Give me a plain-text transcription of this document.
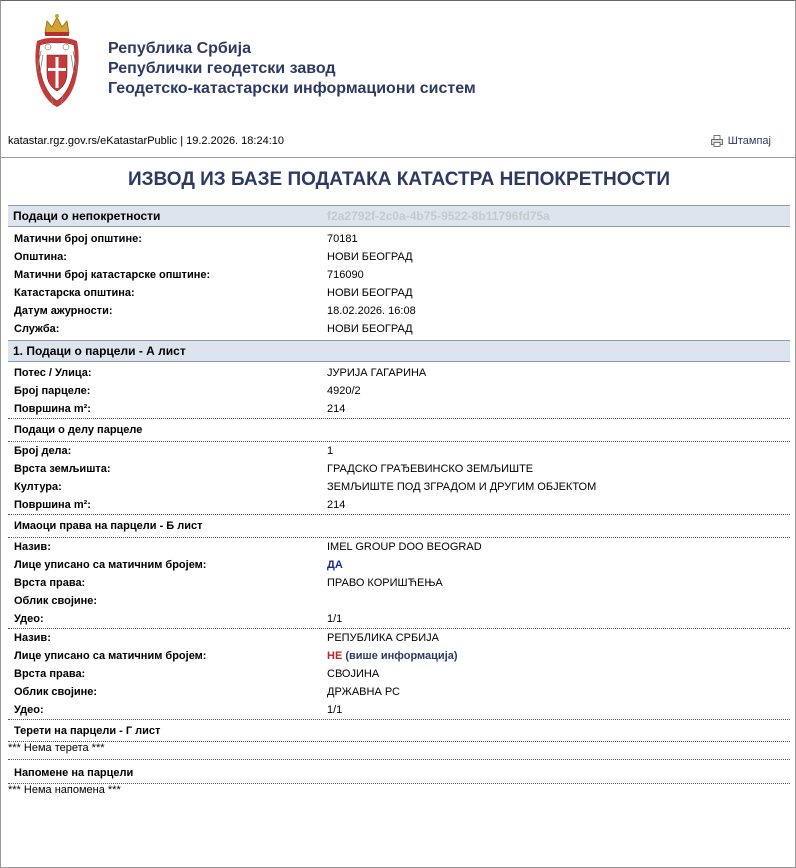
Република Србија
Републички геодетски завод
Геодетско-катастарски информациони систем
katastar.rgz.gov.rs/eKatastarPublic | 19.2.2026. 18:24:10	Штампај
ИЗВОД ИЗ БАЗЕ ПОДАТАКА КАТАСТРА НЕПОКРЕТНОСТИ
Подаци о непокретности	f2a2792f-2c0a-4b75-9522-8b11796fd75a
Матични број општине:	70181
Општина:	НОВИ БЕОГРАД
Матични број катастарске општине:	716090
Катастарска општина:	НОВИ БЕОГРАД
Датум ажурности:	18.02.2026. 16:08
Служба:	НОВИ БЕОГРАД
1. Подаци о парцели - А лист
Потес / Улица:	ЈУРИЈА ГАГАРИНА
Број парцеле:	4920/2
Површина m²:	214
Подаци о делу парцеле
Број дела:	1
Врста земљишта:	ГРАДСКО ГРАЂЕВИНСКО ЗЕМЉИШТЕ
Култура:	ЗЕМЉИШТЕ ПОД ЗГРАДОМ И ДРУГИМ ОБЈЕКТОМ
Површина m²:	214
Имаоци права на парцели - Б лист
Назив:	IMEL GROUP DOO BEOGRAD
Лице уписано са матичним бројем:	ДА
Врста права:	ПРАВО КОРИШЋЕЊА
Облик својине:
Удео:	1/1
Назив:	РЕПУБЛИКА СРБИЈА
Лице уписано са матичним бројем:	НЕ (више информација)
Врста права:	СВОЈИНА
Облик својине:	ДРЖАВНА РС
Удео:	1/1
Терети на парцели - Г лист
*** Нема терета ***
Напомене на парцели
*** Нема напомена ***
